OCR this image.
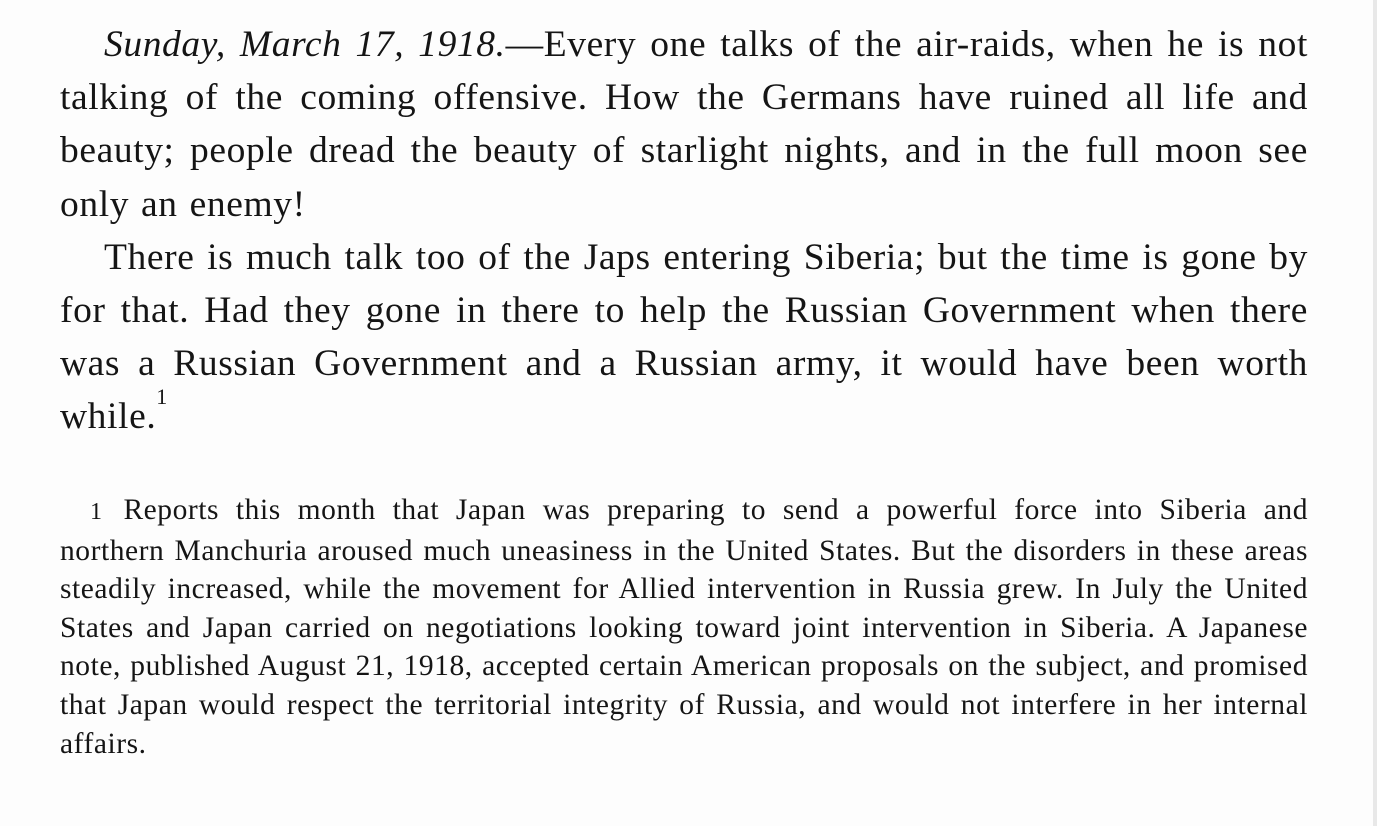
Sunday, March 17, 1918.—Every one talks of the air-raids, when he is not talking of the coming offensive. How the Germans have ruined all life and beauty; people dread the beauty of starlight nights, and in the full moon see only an enemy!

There is much talk too of the Japs entering Siberia; but the time is gone by for that. Had they gone in there to help the Russian Government when there was a Russian Government and a Russian army, it would have been worth while.$^1$

1 Reports this month that Japan was preparing to send a powerful force into Siberia and northern Manchuria aroused much uneasiness in the United States. But the disorders in these areas steadily increased, while the movement for Allied intervention in Russia grew. In July the United States and Japan carried on negotiations looking toward joint intervention in Siberia. A Japanese note, published August 21, 1918, accepted certain American proposals on the subject, and promised that Japan would respect the territorial integrity of Russia, and would not interfere in her internal affairs.
